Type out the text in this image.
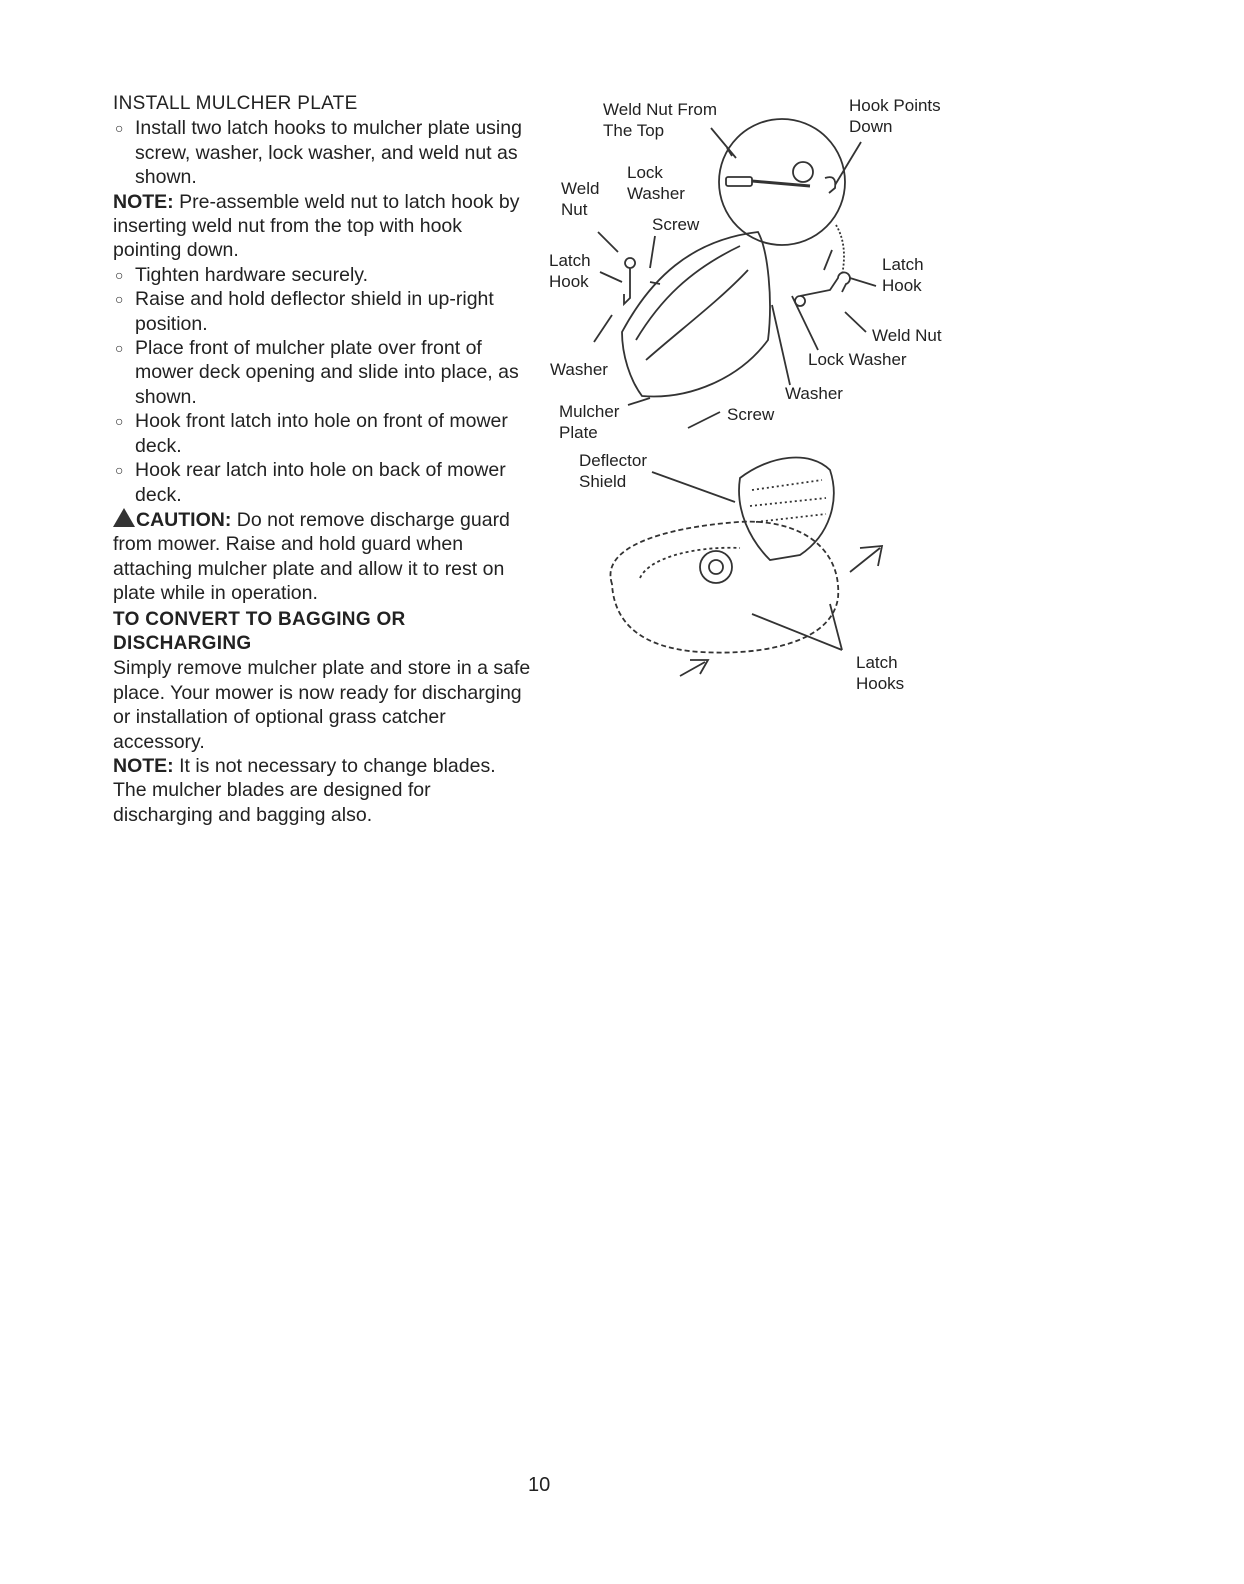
INSTALL MULCHER PLATE

○ Install two latch hooks to mulcher plate using screw, washer, lock washer, and weld nut as shown.

NOTE: Pre-assemble weld nut to latch hook by inserting weld nut from the top with hook pointing down.

○ Tighten hardware securely.

○ Raise and hold deflector shield in up-right position.

○ Place front of mulcher plate over front of mower deck opening and slide into place, as shown.

○ Hook front latch into hole on front of mower deck.

○ Hook rear latch into hole on back of mower deck.

CAUTION: Do not remove discharge guard from mower. Raise and hold guard when attaching mulcher plate and allow it to rest on plate while in operation.

TO CONVERT TO BAGGING OR DISCHARGING

Simply remove mulcher plate and store in a safe place. Your mower is now ready for discharging or installation of optional grass catcher accessory.

NOTE: It is not necessary to change blades. The mulcher blades are designed for discharging and bagging also.

Weld Nut From
The Top
Hook Points
Down
Lock
Washer
Weld
Nut
Screw
Latch
Hook
Latch
Hook
Weld Nut
Lock Washer
Washer
Washer
Mulcher
Plate
Screw
Deflector
Shield
Latch
Hooks
10
